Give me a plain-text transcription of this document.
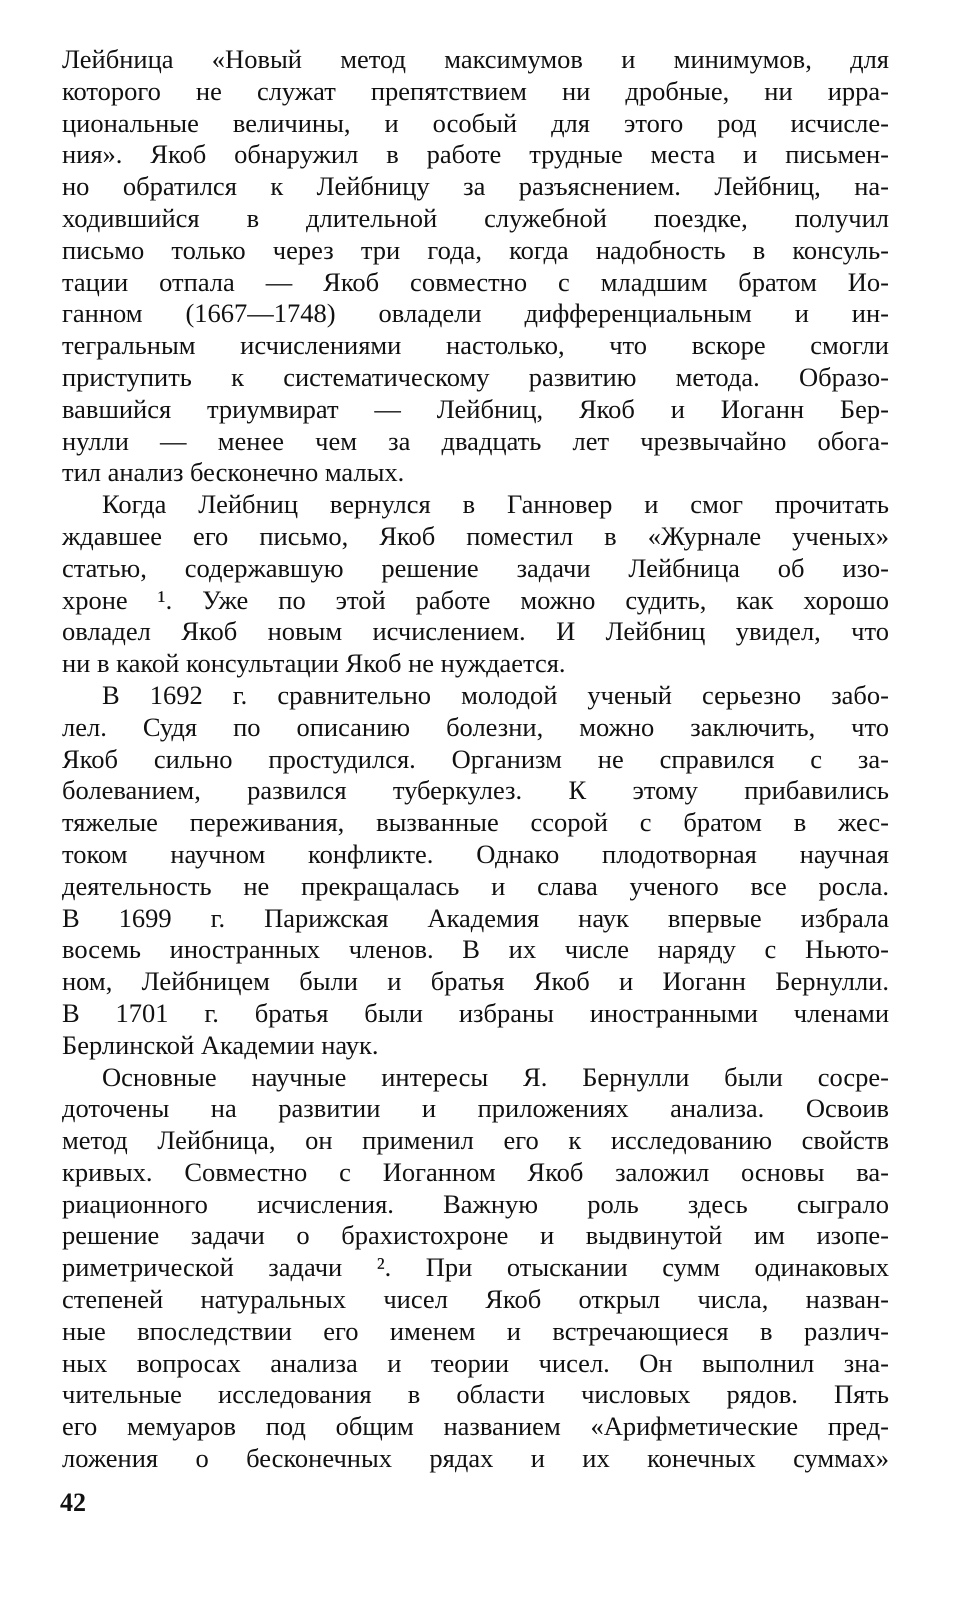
Лейбница «Новый метод максимумов и минимумов, для
которого не служат препятствием ни дробные, ни ирра-
циональные величины, и особый для этого род исчисле-
ния». Якоб обнаружил в работе трудные места и письмен-
но обратился к Лейбницу за разъяснением. Лейбниц, на-
ходившийся в длительной служебной поездке, получил
письмо только через три года, когда надобность в консуль-
тации отпала — Якоб совместно с младшим братом Ио-
ганном (1667—1748) овладели дифференциальным и ин-
тегральным исчислениями настолько, что вскоре смогли
приступить к систематическому развитию метода. Образо-
вавшийся триумвират — Лейбниц, Якоб и Иоганн Бер-
нулли — менее чем за двадцать лет чрезвычайно обога-
тил анализ бесконечно малых.

Когда Лейбниц вернулся в Ганновер и смог прочитать
ждавшее его письмо, Якоб поместил в «Журнале ученых»
статью, содержавшую решение задачи Лейбница об изо-
хроне ¹. Уже по этой работе можно судить, как хорошо
овладел Якоб новым исчислением. И Лейбниц увидел, что
ни в какой консультации Якоб не нуждается.

В 1692 г. сравнительно молодой ученый серьезно забо-
лел. Судя по описанию болезни, можно заключить, что
Якоб сильно простудился. Организм не справился с за-
болеванием, развился туберкулез. К этому прибавились
тяжелые переживания, вызванные ссорой с братом в жес-
током научном конфликте. Однако плодотворная научная
деятельность не прекращалась и слава ученого все росла.
В 1699 г. Парижская Академия наук впервые избрала
восемь иностранных членов. В их числе наряду с Ньюто-
ном, Лейбницем были и братья Якоб и Иоганн Бернулли.
В 1701 г. братья были избраны иностранными членами
Берлинской Академии наук.

Основные научные интересы Я. Бернулли были сосре-
доточены на развитии и приложениях анализа. Освоив
метод Лейбница, он применил его к исследованию свойств
кривых. Совместно с Иоганном Якоб заложил основы ва-
риационного исчисления. Важную роль здесь сыграло
решение задачи о брахистохроне и выдвинутой им изопе-
риметрической задачи ². При отыскании сумм одинаковых
степеней натуральных чисел Якоб открыл числа, назван-
ные впоследствии его именем и встречающиеся в различ-
ных вопросах анализа и теории чисел. Он выполнил зна-
чительные исследования в области числовых рядов. Пять
его мемуаров под общим названием «Арифметические пред-
ложения о бесконечных рядах и их конечных суммах»

42
